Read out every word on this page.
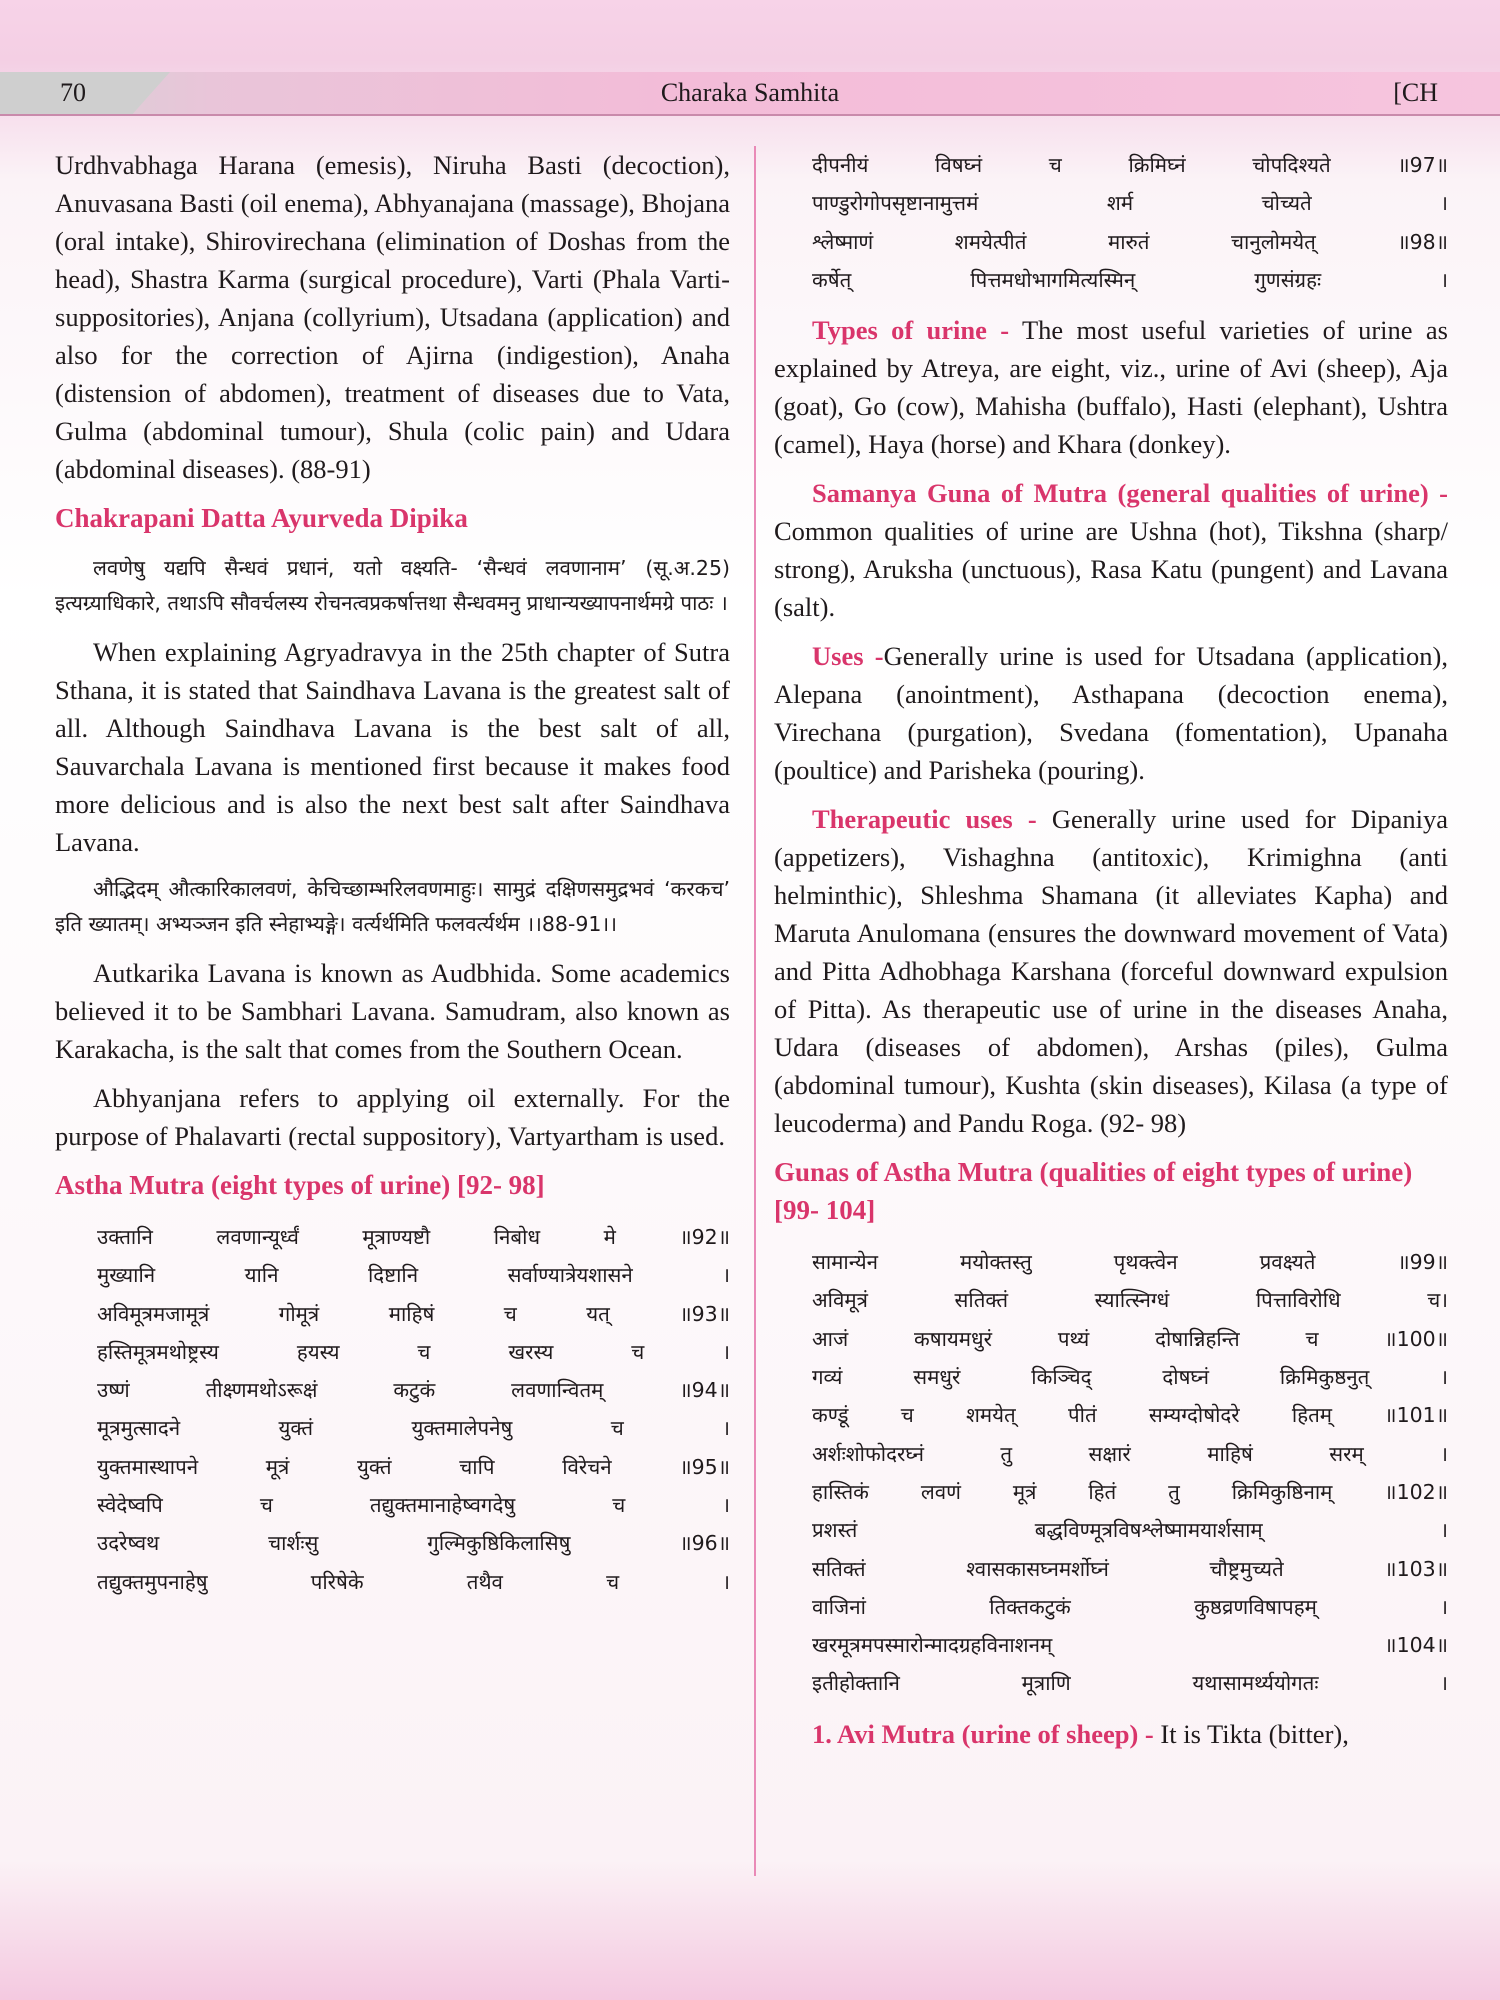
70	Charaka Samhita	[CH

Urdhvabhaga Harana (emesis), Niruha Basti (decoction), Anuvasana Basti (oil enema), Abhyanajana (massage), Bhojana (oral intake), Shirovirechana (elimination of Doshas from the head), Shastra Karma (surgical procedure), Varti (Phala Varti- suppositories), Anjana (collyrium), Utsadana (application) and also for the correction of Ajirna (indigestion), Anaha (distension of abdomen), treatment of diseases due to Vata, Gulma (abdominal tumour), Shula (colic pain) and Udara (abdominal diseases). (88-91)

Chakrapani Datta Ayurveda Dipika

लवणेषु यद्यपि सैन्धवं प्रधानं, यतो वक्ष्यति- ‘सैन्धवं लवणानाम’ (सू.अ.25) इत्यग्र्याधिकारे, तथाऽपि सौवर्चलस्य रोचनत्वप्रकर्षात्तथा सैन्धवमनु प्राधान्यख्यापनार्थमग्रे पाठः ।

When explaining Agryadravya in the 25th chapter of Sutra Sthana, it is stated that Saindhava Lavana is the greatest salt of all. Although Saindhava Lavana is the best salt of all, Sauvarchala Lavana is mentioned first because it makes food more delicious and is also the next best salt after Saindhava Lavana.

औद्भिदम् औत्कारिकालवणं, केचिच्छाम्भरिलवणमाहुः। सामुद्रं दक्षिणसमुद्रभवं ‘करकच’ इति ख्यातम्। अभ्यञ्जन इति स्नेहाभ्यङ्गे। वर्त्यर्थमिति फलवर्त्यर्थम ।।88-91।।

Autkarika Lavana is known as Audbhida. Some academics believed it to be Sambhari Lavana. Samudram, also known as Karakacha, is the salt that comes from the Southern Ocean.

Abhyanjana refers to applying oil externally. For the purpose of Phalavarti (rectal suppository), Vartyartham is used.

Astha Mutra (eight types of urine) [92- 98]
उक्तानि लवणान्यूर्ध्वं मूत्राण्यष्टौ निबोध मे ॥92॥
मुख्यानि यानि दिष्टानि सर्वाण्यात्रेयशासने ।
अविमूत्रमजामूत्रं गोमूत्रं माहिषं च यत् ॥93॥
हस्तिमूत्रमथोष्ट्रस्य हयस्य च खरस्य च ।
उष्णं तीक्ष्णमथोऽरूक्षं कटुकं लवणान्वितम् ॥94॥
मूत्रमुत्सादने युक्तं युक्तमालेपनेषु च ।
युक्तमास्थापने मूत्रं युक्तं चापि विरेचने ॥95॥
स्वेदेष्वपि च तद्युक्तमानाहेष्वगदेषु च ।
उदरेष्वथ चार्शःसु गुल्मिकुष्ठिकिलासिषु ॥96॥
तद्युक्तमुपनाहेषु परिषेके तथैव च ।
दीपनीयं विषघ्नं च क्रिमिघ्नं चोपदिश्यते ॥97॥
पाण्डुरोगोपसृष्टानामुत्तमं शर्म चोच्यते ।
श्लेष्माणं शमयेत्पीतं मारुतं चानुलोमयेत् ॥98॥
कर्षेत् पित्तमधोभागमित्यस्मिन् गुणसंग्रहः ।

Types of urine - The most useful varieties of urine as explained by Atreya, are eight, viz., urine of Avi (sheep), Aja (goat), Go (cow), Mahisha (buffalo), Hasti (elephant), Ushtra (camel), Haya (horse) and Khara (donkey).

Samanya Guna of Mutra (general qualities of urine) -Common qualities of urine are Ushna (hot), Tikshna (sharp/ strong), Aruksha (unctuous), Rasa Katu (pungent) and Lavana (salt).

Uses -Generally urine is used for Utsadana (application), Alepana (anointment), Asthapana (decoction enema), Virechana (purgation), Svedana (fomentation), Upanaha (poultice) and Parisheka (pouring).

Therapeutic uses - Generally urine used for Dipaniya (appetizers), Vishaghna (antitoxic), Krimighna (anti helminthic), Shleshma Shamana (it alleviates Kapha) and Maruta Anulomana (ensures the downward movement of Vata) and Pitta Adhobhaga Karshana (forceful downward expulsion of Pitta). As therapeutic use of urine in the diseases Anaha, Udara (diseases of abdomen), Arshas (piles), Gulma (abdominal tumour), Kushta (skin diseases), Kilasa (a type of leucoderma) and Pandu Roga. (92- 98)

Gunas of Astha Mutra (qualities of eight types of urine) [99- 104]
सामान्येन मयोक्तस्तु पृथक्त्वेन प्रवक्ष्यते ॥99॥
अविमूत्रं सतिक्तं स्यात्स्निग्धं पित्ताविरोधि च।
आजं कषायमधुरं पथ्यं दोषान्निहन्ति च ॥100॥
गव्यं समधुरं किञ्चिद् दोषघ्नं क्रिमिकुष्ठनुत् ।
कण्डूं च शमयेत् पीतं सम्यग्दोषोदरे हितम् ॥101॥
अर्शःशोफोदरघ्नं तु सक्षारं माहिषं सरम् ।
हास्तिकं लवणं मूत्रं हितं तु क्रिमिकुष्ठिनाम् ॥102॥
प्रशस्तं बद्धविण्मूत्रविषश्लेष्मामयार्शसाम् ।
सतिक्तं श्वासकासघ्नमर्शोघ्नं चौष्ट्रमुच्यते ॥103॥
वाजिनां तिक्तकटुकं कुष्ठव्रणविषापहम् ।
खरमूत्रमपस्मारोन्मादग्रहविनाशनम् ॥104॥
इतीहोक्तानि मूत्राणि यथासामर्थ्ययोगतः ।

1. Avi Mutra (urine of sheep) - It is Tikta (bitter),
